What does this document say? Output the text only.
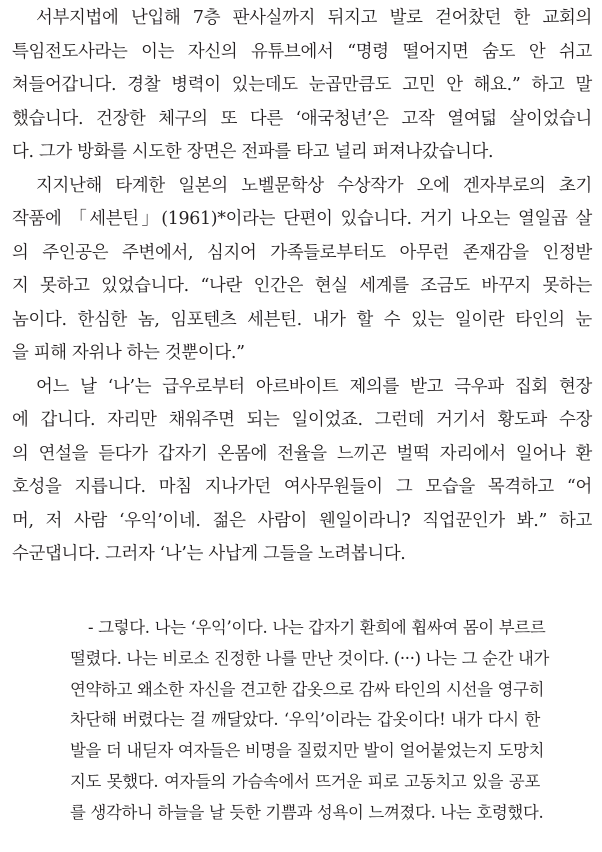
서부지법에 난입해 7층 판사실까지 뒤지고 발로 걷어찼던 한 교회의
특임전도사라는 이는 자신의 유튜브에서 “명령 떨어지면 숨도 안 쉬고
쳐들어갑니다. 경찰 병력이 있는데도 눈곱만큼도 고민 안 해요.” 하고 말
했습니다. 건장한 체구의 또 다른 ‘애국청년’은 고작 열여덟 살이었습니
다. 그가 방화를 시도한 장면은 전파를 타고 널리 퍼져나갔습니다.
지지난해 타계한 일본의 노벨문학상 수상작가 오에 겐자부로의 초기
작품에 「세븐틴」(1961)*이라는 단편이 있습니다. 거기 나오는 열일곱 살
의 주인공은 주변에서, 심지어 가족들로부터도 아무런 존재감을 인정받
지 못하고 있었습니다. “나란 인간은 현실 세계를 조금도 바꾸지 못하는
놈이다. 한심한 놈, 임포텐츠 세븐틴. 내가 할 수 있는 일이란 타인의 눈
을 피해 자위나 하는 것뿐이다.”
어느 날 ‘나’는 급우로부터 아르바이트 제의를 받고 극우파 집회 현장
에 갑니다. 자리만 채워주면 되는 일이었죠. 그런데 거기서 황도파 수장
의 연설을 듣다가 갑자기 온몸에 전율을 느끼곤 벌떡 자리에서 일어나 환
호성을 지릅니다. 마침 지나가던 여사무원들이 그 모습을 목격하고 “어
머, 저 사람 ‘우익’이네. 젊은 사람이 웬일이라니? 직업꾼인가 봐.” 하고
수군댑니다. 그러자 ‘나’는 사납게 그들을 노려봅니다.
- 그렇다. 나는 ‘우익’이다. 나는 갑자기 환희에 휩싸여 몸이 부르르
떨렸다. 나는 비로소 진정한 나를 만난 것이다. (···) 나는 그 순간 내가
연약하고 왜소한 자신을 견고한 갑옷으로 감싸 타인의 시선을 영구히
차단해 버렸다는 걸 깨달았다. ‘우익’이라는 갑옷이다! 내가 다시 한
발을 더 내딛자 여자들은 비명을 질렀지만 발이 얼어붙었는지 도망치
지도 못했다. 여자들의 가슴속에서 뜨거운 피로 고동치고 있을 공포
를 생각하니 하늘을 날 듯한 기쁨과 성욕이 느껴졌다. 나는 호령했다.
